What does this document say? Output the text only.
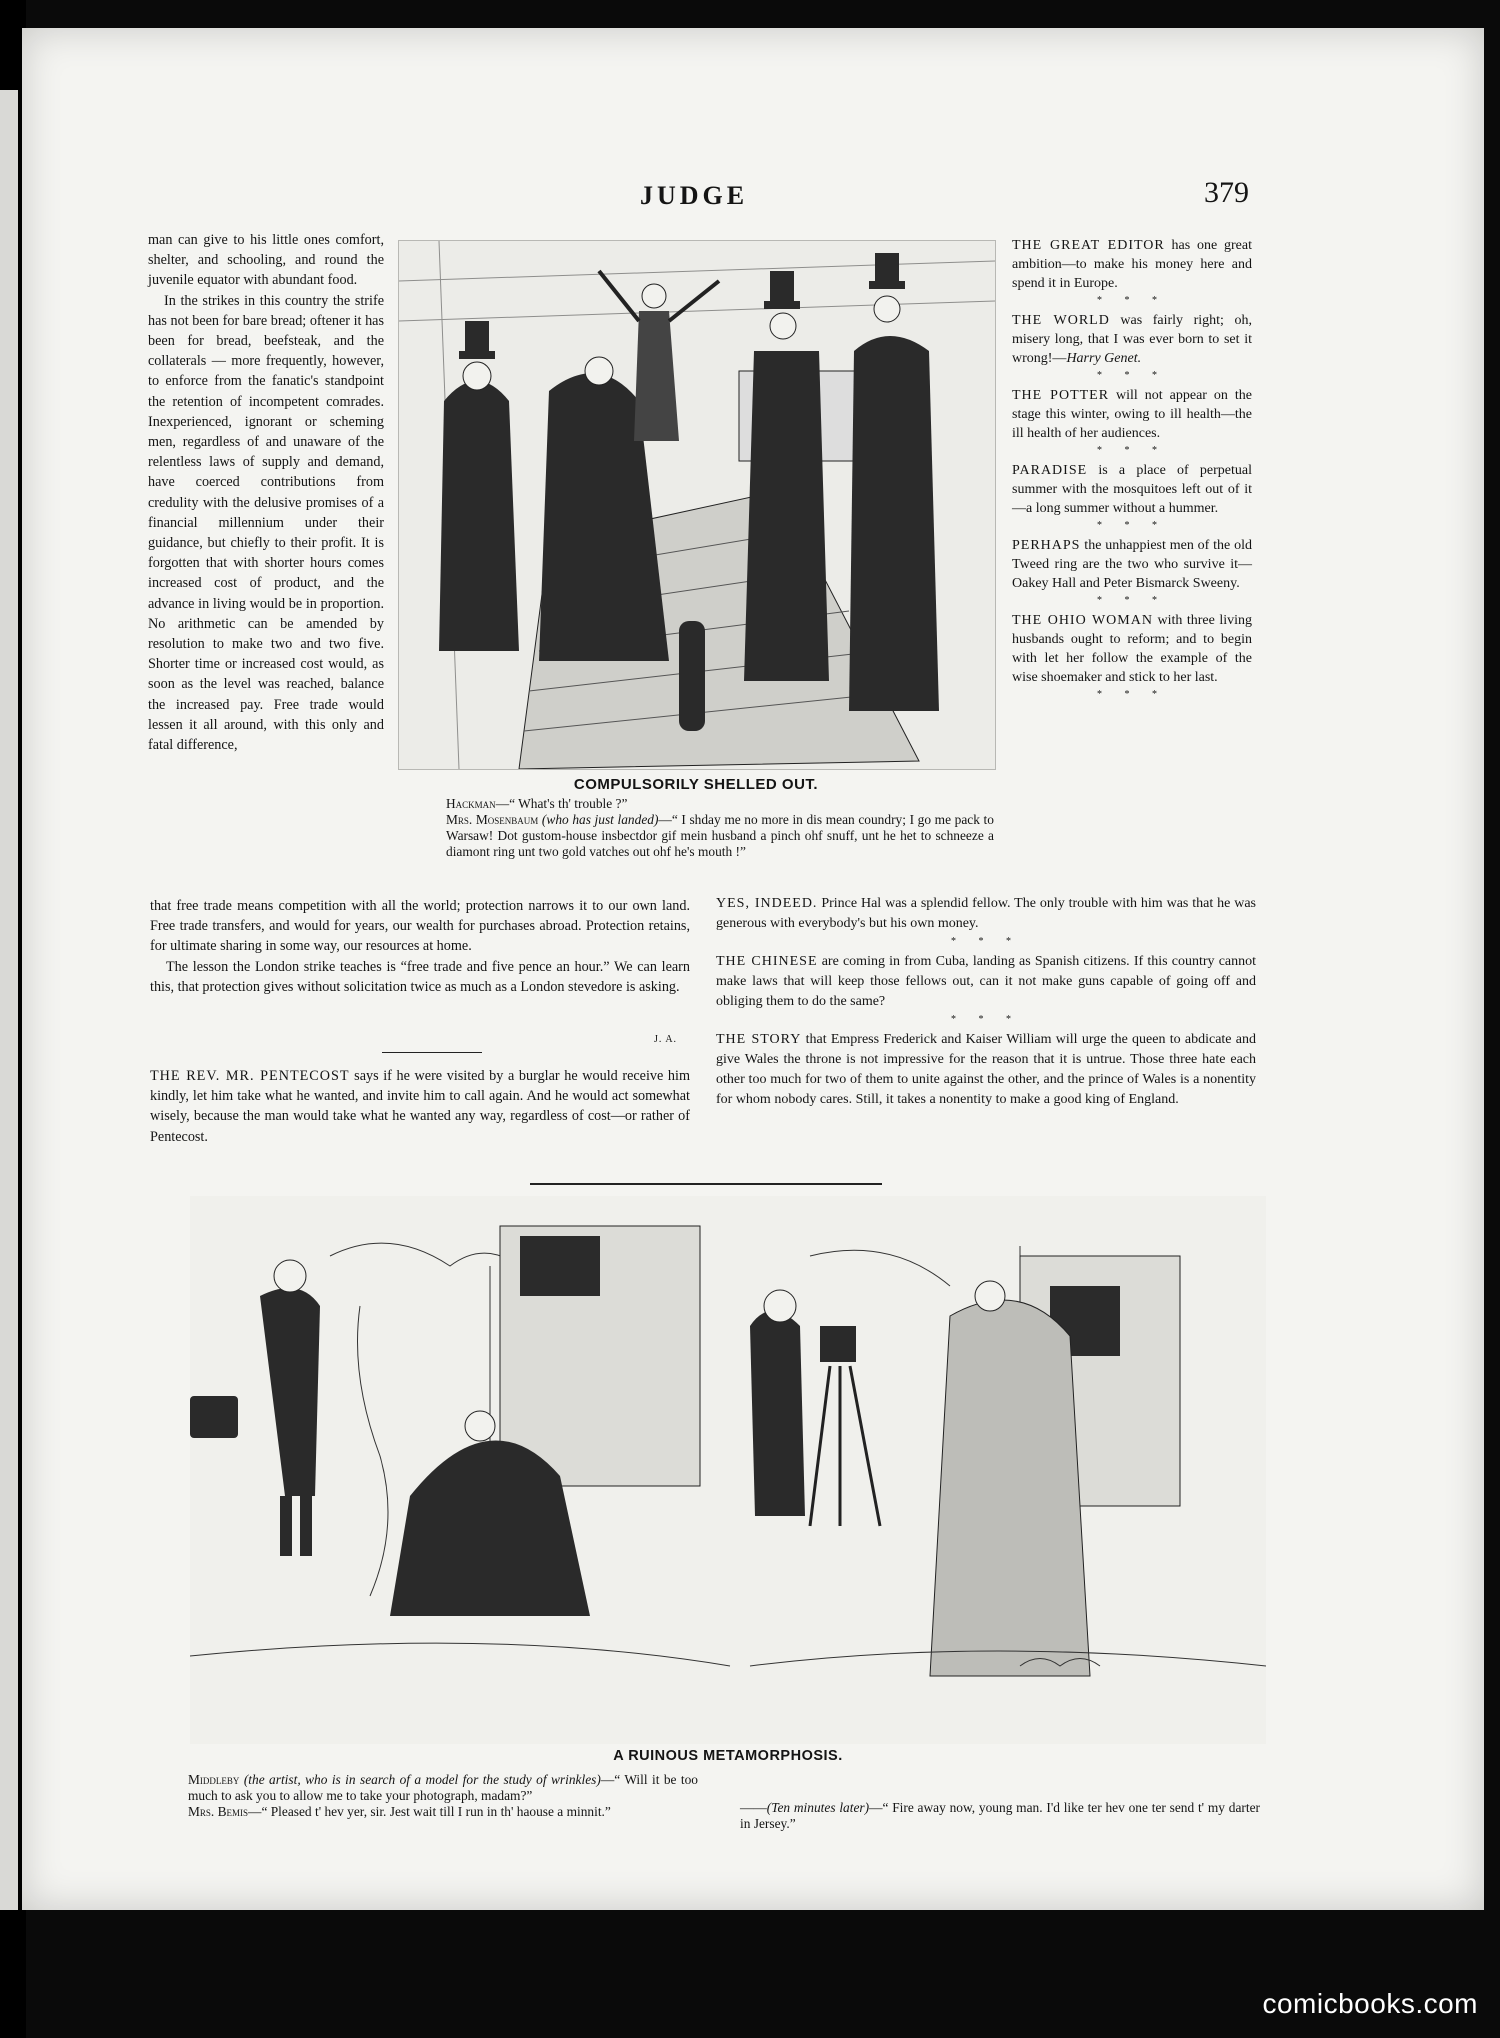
JUDGE	379

man can give to his little ones comfort, shelter, and schooling, and round the juvenile equator with abundant food.

In the strikes in this country the strife has not been for bare bread; oftener it has been for bread, beefsteak, and the collaterals — more frequently, however, to enforce from the fanatic's standpoint the retention of incompetent comrades. Inexperienced, ignorant or scheming men, regardless of and unaware of the relentless laws of supply and demand, have coerced contributions from credulity with the delusive promises of a financial millennium under their guidance, but chiefly to their profit. It is forgotten that with shorter hours comes increased cost of product, and the advance in living would be in proportion. No arithmetic can be amended by resolution to make two and two five. Shorter time or increased cost would, as soon as the level was reached, balance the increased pay. Free trade would lessen it all around, with this only and fatal difference,

that free trade means competition with all the world; protection narrows it to our own land. Free trade transfers, and would for years, our wealth for purchases abroad. Protection retains, for ultimate sharing in some way, our resources at home.

The lesson the London strike teaches is “free trade and five pence an hour.” We can learn this, that protection gives without solicitation twice as much as a London stevedore is asking.

J. A.

THE REV. MR. PENTECOST says if he were visited by a burglar he would receive him kindly, let him take what he wanted, and invite him to call again. And he would act somewhat wisely, because the man would take what he wanted any way, regardless of cost—or rather of Pentecost.

COMPULSORILY SHELLED OUT.
Hackman—“ What's th' trouble ?”
Mrs. Mosenbaum (who has just landed)—“ I shday me no more in dis mean coundry; I go me pack to Warsaw! Dot gustom-house insbectdor gif mein husband a pinch ohf snuff, unt he het to schneeze a diamont ring unt two gold vatches out ohf he's mouth !”

THE GREAT EDITOR has one great ambition—to make his money here and spend it in Europe.

* * *

THE WORLD was fairly right; oh, misery long, that I was ever born to set it wrong!—Harry Genet.

* * *

THE POTTER will not appear on the stage this winter, owing to ill health—the ill health of her audiences.

* * *

PARADISE is a place of perpetual summer with the mosquitoes left out of it—a long summer without a hummer.

* * *

PERHAPS the unhappiest men of the old Tweed ring are the two who survive it—Oakey Hall and Peter Bismarck Sweeny.

* * *

THE OHIO WOMAN with three living husbands ought to reform; and to begin with let her follow the example of the wise shoemaker and stick to her last.

* * *

YES, INDEED. Prince Hal was a splendid fellow. The only trouble with him was that he was generous with everybody's but his own money.

* * *

THE CHINESE are coming in from Cuba, landing as Spanish citizens. If this country cannot make laws that will keep those fellows out, can it not make guns capable of going off and obliging them to do the same?

* * *

THE STORY that Empress Frederick and Kaiser William will urge the queen to abdicate and give Wales the throne is not impressive for the reason that it is untrue. Those three hate each other too much for two of them to unite against the other, and the prince of Wales is a nonentity for whom nobody cares. Still, it takes a nonentity to make a good king of England.

A RUINOUS METAMORPHOSIS.
Middleby (the artist, who is in search of a model for the study of wrinkles)—“ Will it be too much to ask you to allow me to take your photograph, madam?”
Mrs. Bemis—“ Pleased t' hev yer, sir. Jest wait till I run in th' haouse a minnit.”	——(Ten minutes later)—“ Fire away now, young man. I'd like ter hev one ter send t' my darter in Jersey.”
comicbooks.com
